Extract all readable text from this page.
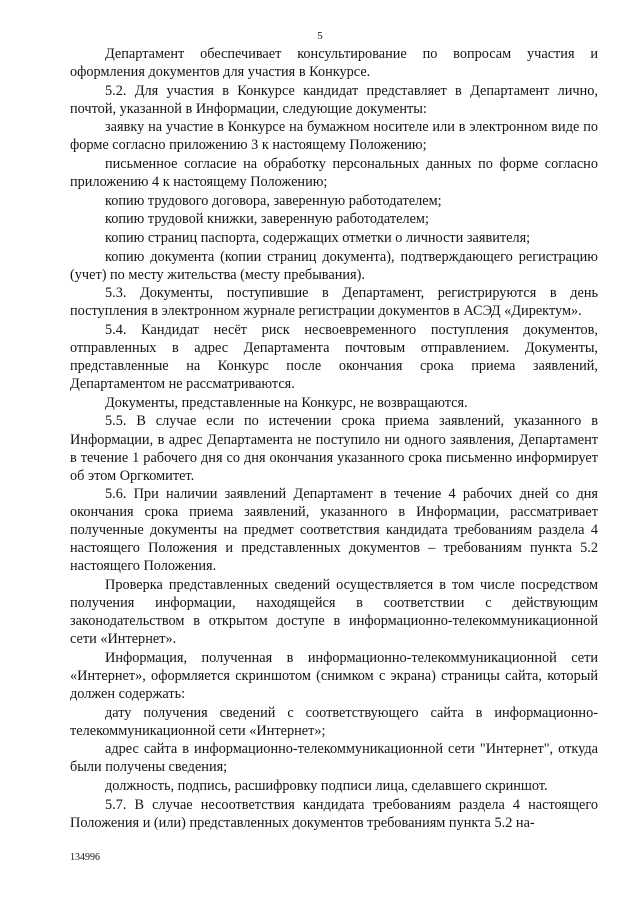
5

Департамент обеспечивает консультирование по вопросам участия и оформления документов для участия в Конкурсе.

5.2. Для участия в Конкурсе кандидат представляет в Департамент лично, почтой, указанной в Информации, следующие документы:

заявку на участие в Конкурсе на бумажном носителе или в электронном виде по форме согласно приложению 3 к настоящему Положению;

письменное согласие на обработку персональных данных по форме согласно приложению 4 к настоящему Положению;

копию трудового договора, заверенную работодателем;

копию трудовой книжки, заверенную работодателем;

копию страниц паспорта, содержащих отметки о личности заявителя;

копию документа (копии страниц документа), подтверждающего регистрацию (учет) по месту жительства (месту пребывания).

5.3. Документы, поступившие в Департамент, регистрируются в день поступления в электронном журнале регистрации документов в АСЭД «Директум».

5.4. Кандидат несёт риск несвоевременного поступления документов, отправленных в адрес Департамента почтовым отправлением. Документы, представленные на Конкурс после окончания срока приема заявлений, Департаментом не рассматриваются.

Документы, представленные на Конкурс, не возвращаются.

5.5. В случае если по истечении срока приема заявлений, указанного в Информации, в адрес Департамента не поступило ни одного заявления, Департамент в течение 1 рабочего дня со дня окончания указанного срока письменно информирует об этом Оргкомитет.

5.6. При наличии заявлений Департамент в течение 4 рабочих дней со дня окончания срока приема заявлений, указанного в Информации, рассматривает полученные документы на предмет соответствия кандидата требованиям раздела 4 настоящего Положения и представленных документов – требованиям пункта 5.2 настоящего Положения.

Проверка представленных сведений осуществляется в том числе посредством получения информации, находящейся в соответствии с действующим законодательством в открытом доступе в информационно-телекоммуникационной сети «Интернет».

Информация, полученная в информационно-телекоммуникационной сети «Интернет», оформляется скриншотом (снимком с экрана) страницы сайта, который должен содержать:

дату получения сведений с соответствующего сайта в информационно-телекоммуникационной сети «Интернет»;

адрес сайта в информационно-телекоммуникационной сети "Интернет", откуда были получены сведения;

должность, подпись, расшифровку подписи лица, сделавшего скриншот.

5.7. В случае несоответствия кандидата требованиям раздела 4 настоящего Положения и (или) представленных документов требованиям пункта 5.2 на-

134996
